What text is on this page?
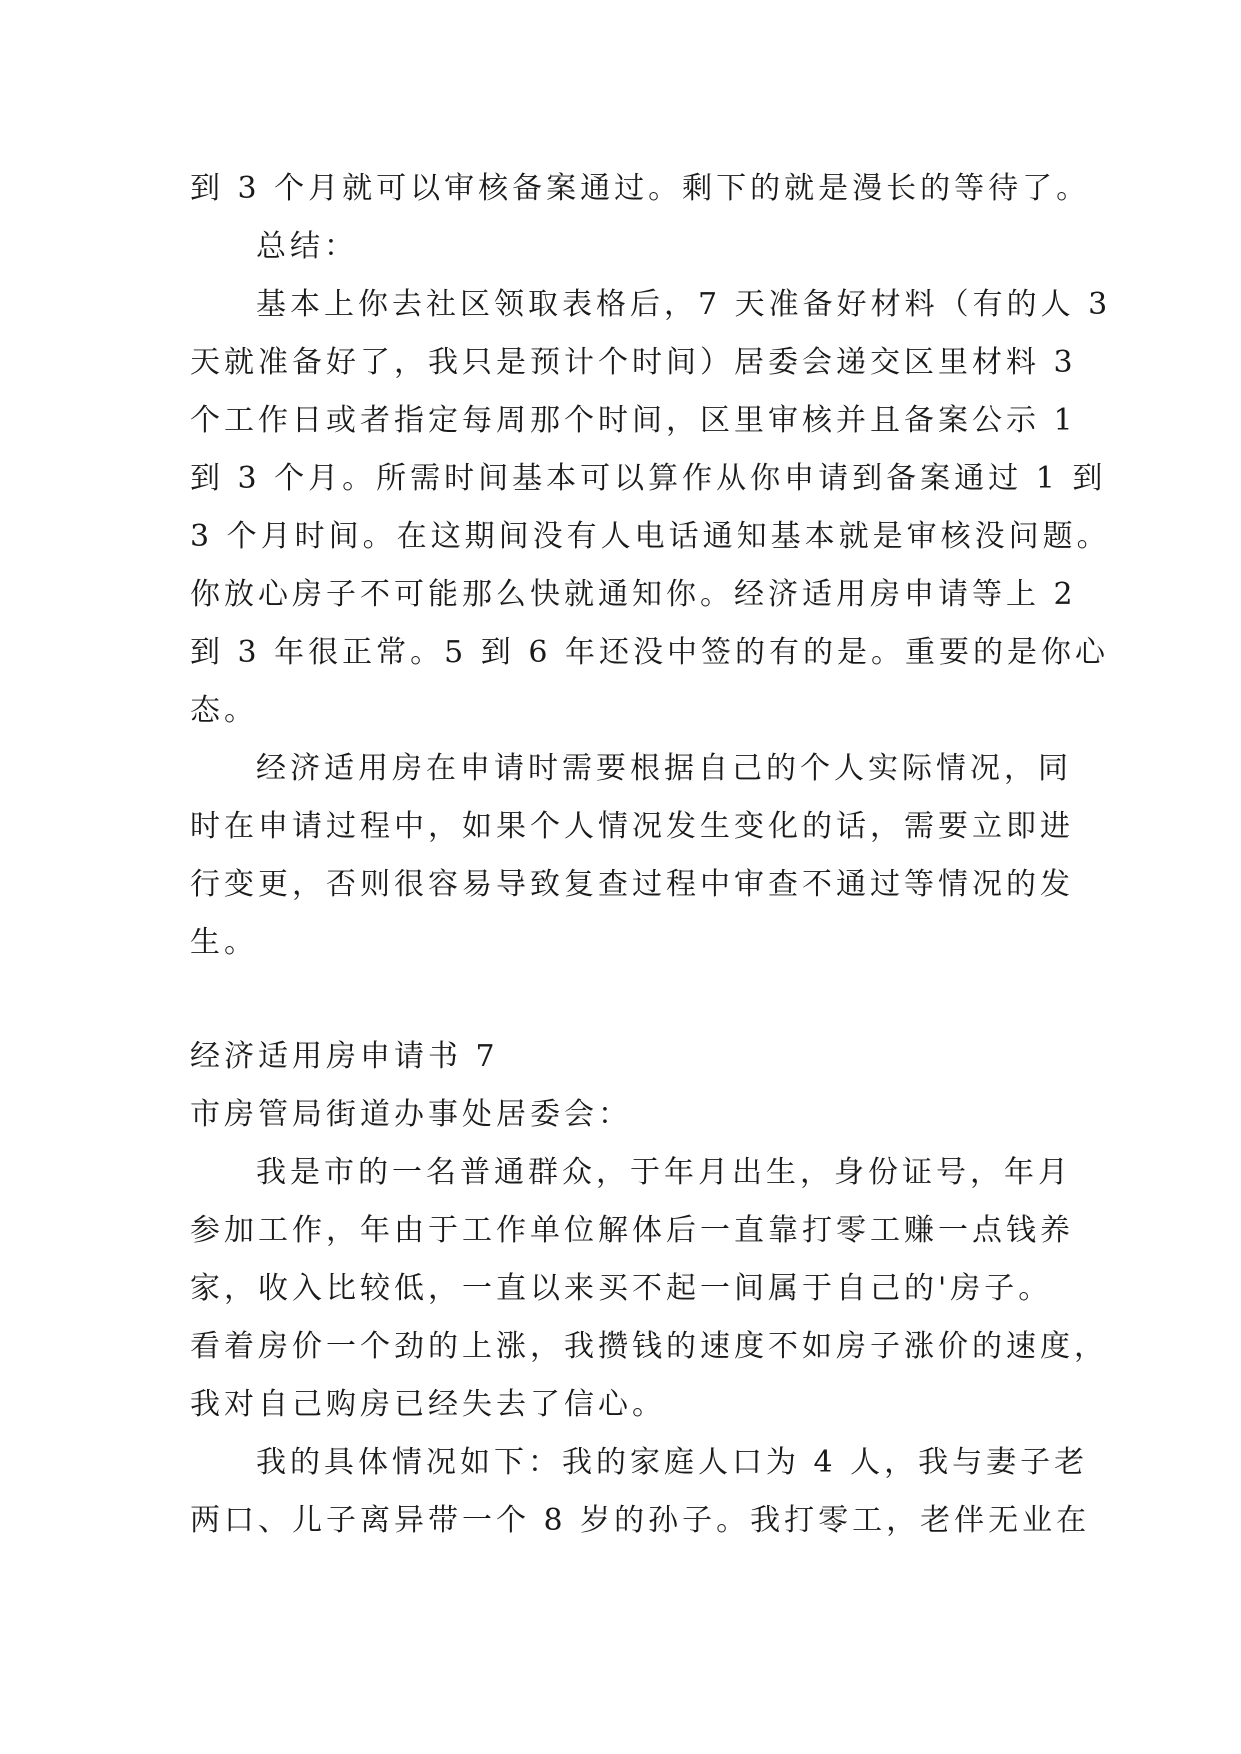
到 3 个月就可以审核备案通过。剩下的就是漫长的等待了。
总结：
基本上你去社区领取表格后，7 天准备好材料（有的人 3
天就准备好了，我只是预计个时间）居委会递交区里材料 3
个工作日或者指定每周那个时间，区里审核并且备案公示 1
到 3 个月。所需时间基本可以算作从你申请到备案通过 1 到
3 个月时间。在这期间没有人电话通知基本就是审核没问题。
你放心房子不可能那么快就通知你。经济适用房申请等上 2
到 3 年很正常。5 到 6 年还没中签的有的是。重要的是你心
态。
经济适用房在申请时需要根据自己的个人实际情况，同
时在申请过程中，如果个人情况发生变化的话，需要立即进
行变更，否则很容易导致复查过程中审查不通过等情况的发
生。
经济适用房申请书 7
市房管局街道办事处居委会：
我是市的一名普通群众，于年月出生，身份证号，年月
参加工作，年由于工作单位解体后一直靠打零工赚一点钱养
家，收入比较低，一直以来买不起一间属于自己的'房子。
看着房价一个劲的上涨，我攒钱的速度不如房子涨价的速度，
我对自己购房已经失去了信心。
我的具体情况如下：我的家庭人口为 4 人，我与妻子老
两口、儿子离异带一个 8 岁的孙子。我打零工，老伴无业在
